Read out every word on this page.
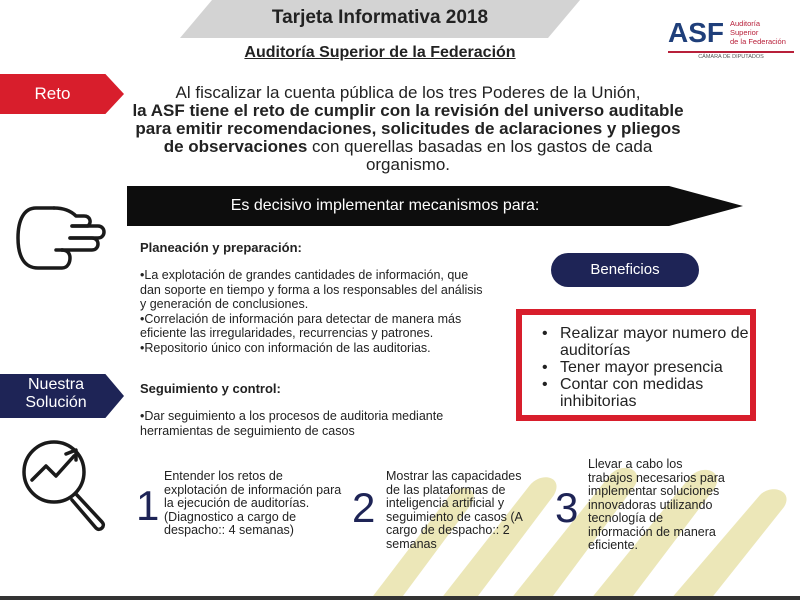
Tarjeta Informativa 2018
Auditoría Superior de la Federación
ASF Auditoría
Superior
de la Federación
CÁMARA DE DIPUTADOS
Reto	Al fiscalizar la cuenta pública de los tres Poderes de la Unión,
la ASF tiene el reto de cumplir con la revisión del universo auditable para emitir recomendaciones, solicitudes de aclaraciones y pliegos de observaciones con querellas basadas en los gastos de cada organismo.
Es decisivo implementar mecanismos para:
Planeación y preparación:
•La explotación de grandes cantidades de información, que dan soporte en tiempo y forma a los responsables del análisis y generación de conclusiones.
•Correlación de información para detectar de manera más eficiente las irregularidades, recurrencias y patrones.
•Repositorio único con información de las auditorias.
Seguimiento y control:
•Dar seguimiento a los procesos de auditoria mediante herramientas de seguimiento de casos
Beneficios
• Realizar mayor numero de auditorías
• Tener mayor presencia
• Contar con medidas inhibitorias
Nuestra
Solución
1
Entender los retos de explotación de información para la ejecución de auditorías. (Diagnostico a cargo de despacho:: 4 semanas)	2
Mostrar las capacidades de las plataformas de inteligencia artificial y seguimiento de casos (A cargo de despacho:: 2 semanas
3
Llevar a cabo los trabajos necesarios para implementar soluciones innovadoras utilizando tecnología de información de manera eficiente.
